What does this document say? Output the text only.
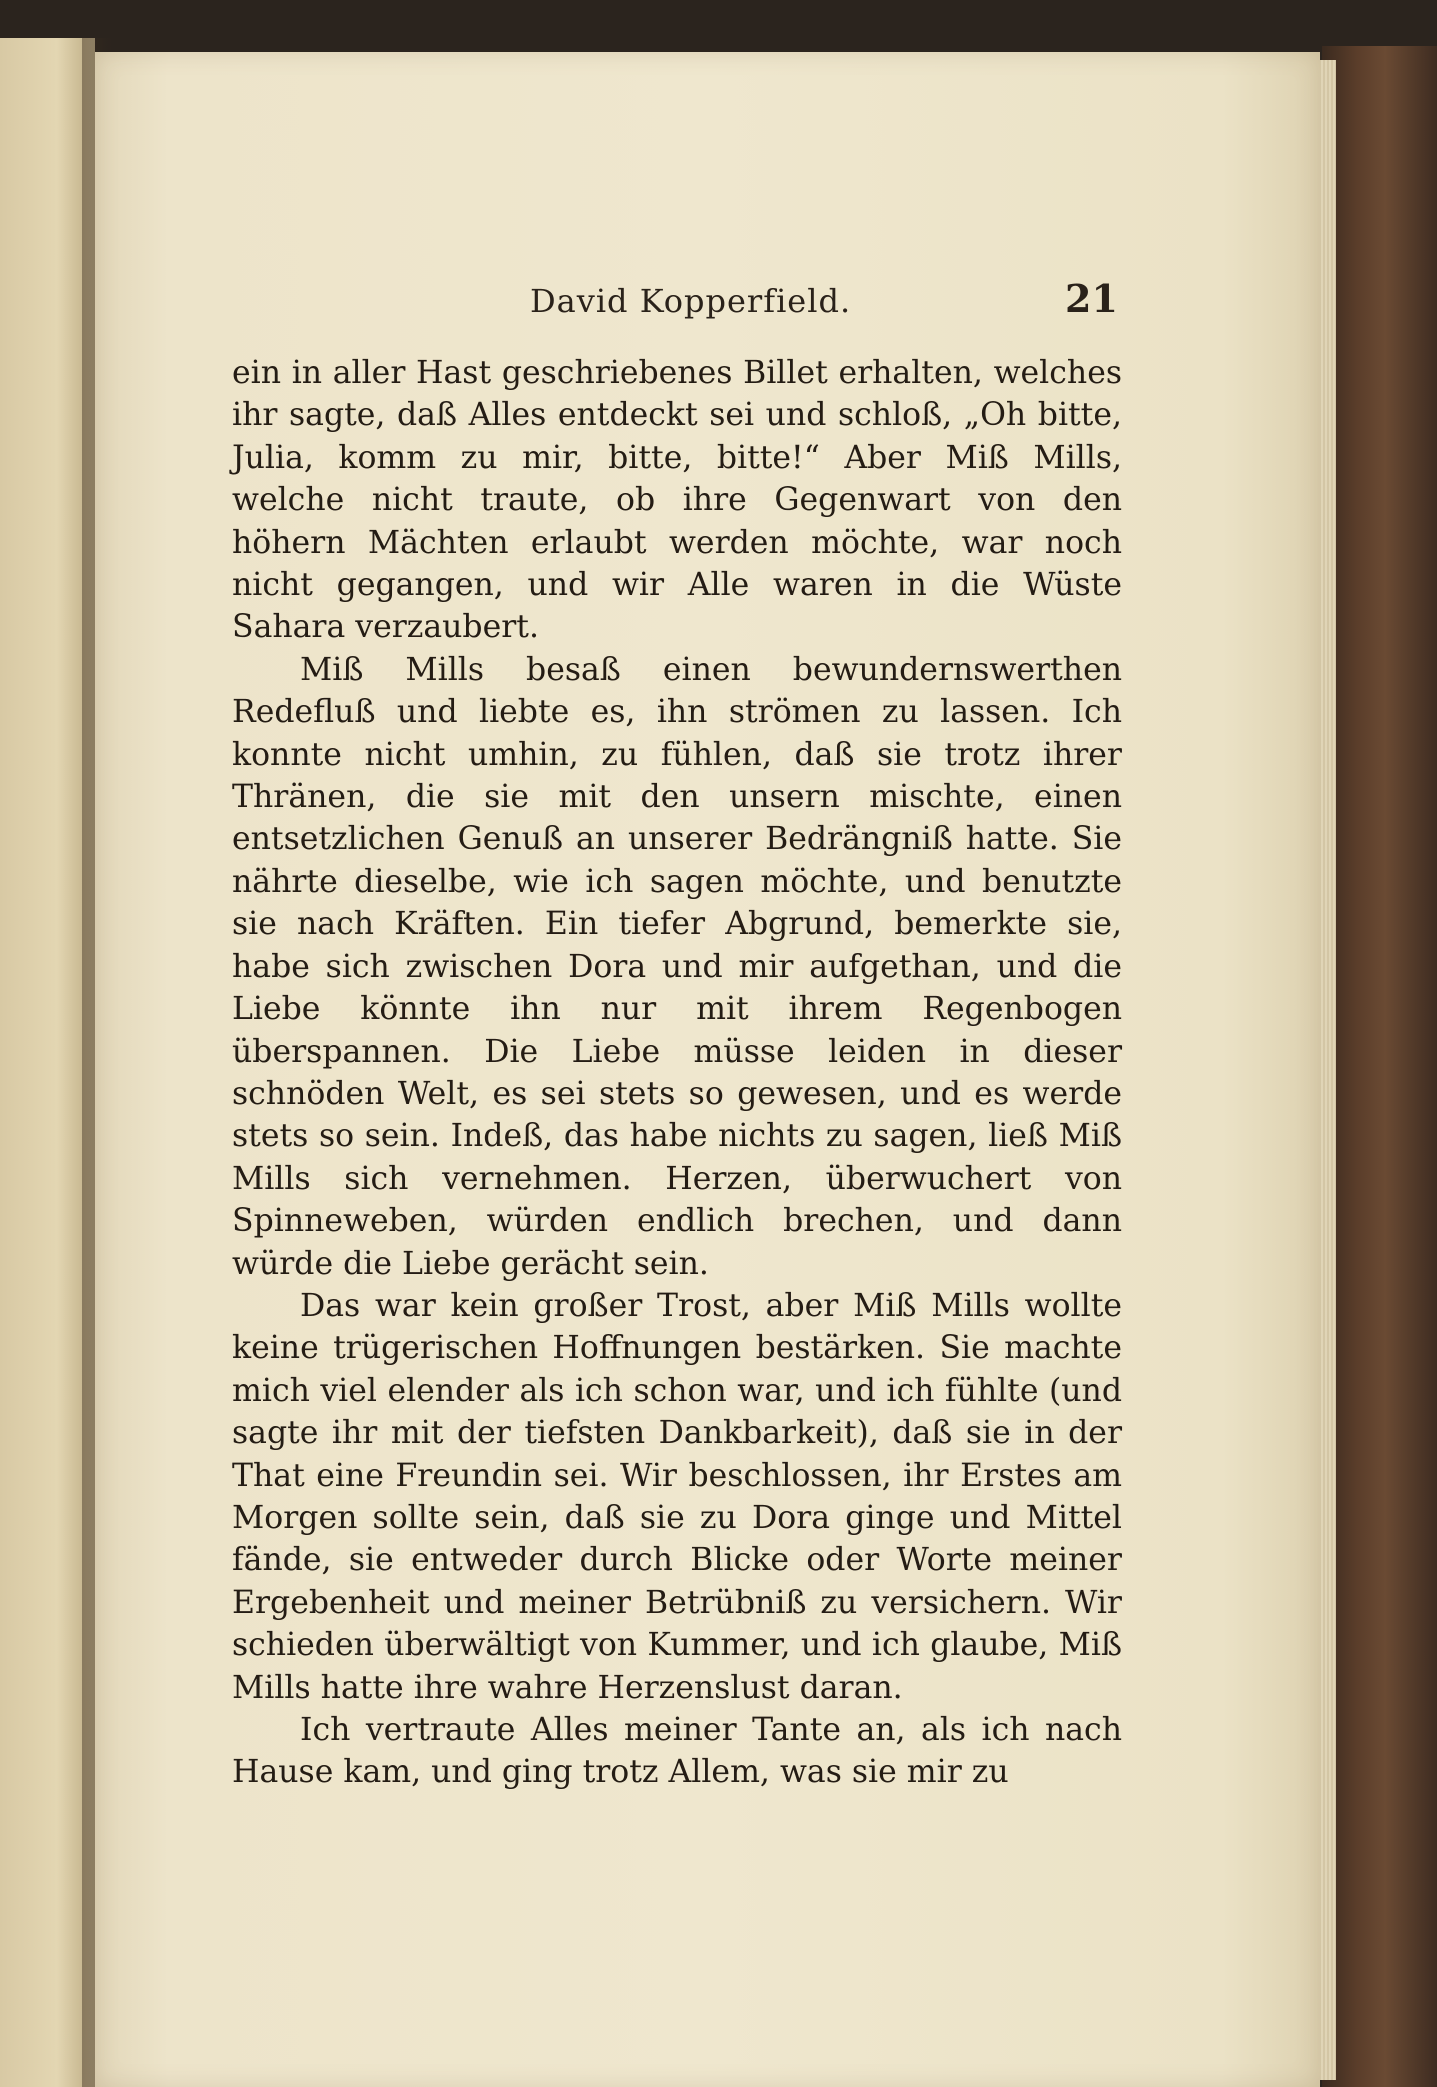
David Kopperfield.	21

ein in aller Hast geschriebenes Billet erhalten, welches ihr sagte, daß Alles entdeckt sei und schloß, „Oh bitte, Julia, komm zu mir, bitte, bitte!“ Aber Miß Mills, welche nicht traute, ob ihre Gegenwart von den höhern Mächten erlaubt werden möchte, war noch nicht gegangen, und wir Alle waren in die Wüste Sahara verzaubert.

Miß Mills besaß einen bewundernswerthen Redefluß und liebte es, ihn strömen zu lassen. Ich konnte nicht umhin, zu fühlen, daß sie trotz ihrer Thränen, die sie mit den unsern mischte, einen entsetzlichen Genuß an unserer Bedrängniß hatte. Sie nährte dieselbe, wie ich sagen möchte, und benutzte sie nach Kräften. Ein tiefer Abgrund, bemerkte sie, habe sich zwischen Dora und mir aufgethan, und die Liebe könnte ihn nur mit ihrem Regenbogen überspannen. Die Liebe müsse leiden in dieser schnöden Welt, es sei stets so gewesen, und es werde stets so sein. Indeß, das habe nichts zu sagen, ließ Miß Mills sich vernehmen. Herzen, überwuchert von Spinneweben, würden endlich brechen, und dann würde die Liebe gerächt sein.

Das war kein großer Trost, aber Miß Mills wollte keine trügerischen Hoffnungen bestärken. Sie machte mich viel elender als ich schon war, und ich fühlte (und sagte ihr mit der tiefsten Dankbarkeit), daß sie in der That eine Freundin sei. Wir beschlossen, ihr Erstes am Morgen sollte sein, daß sie zu Dora ginge und Mittel fände, sie entweder durch Blicke oder Worte meiner Ergebenheit und meiner Betrübniß zu versichern. Wir schieden überwältigt von Kummer, und ich glaube, Miß Mills hatte ihre wahre Herzenslust daran.

Ich vertraute Alles meiner Tante an, als ich nach Hause kam, und ging trotz Allem, was sie mir zu
